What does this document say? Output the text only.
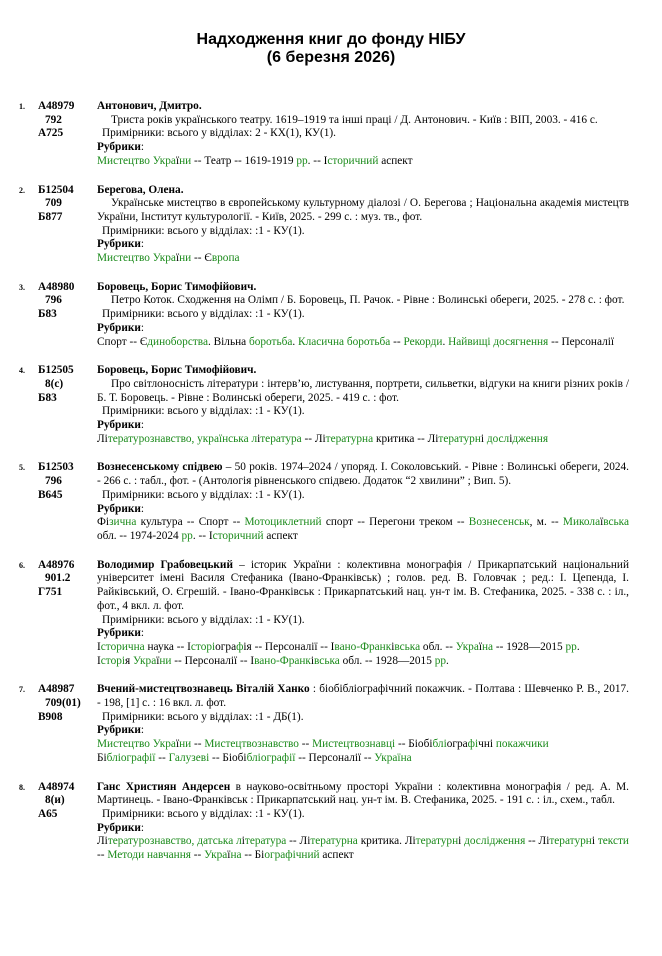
Надходження книг до фонду НІБУ
(6 березня 2026)
1. А48979
792
А725
Антонович, Дмитро.
Триста років українського театру. 1619–1919 та інші праці / Д. Антонович. - Київ : ВІП, 2003. - 416 с.
Примірники: всього у відділах: 2 - КХ(1), КУ(1).
Рубрики:
Мистецтво України -- Театр -- 1619-1919 рр. -- Історичний аспект
2. Б12504
709
Б877
Берегова, Олена.
Українське мистецтво в європейському культурному діалозі / О. Берегова ; Національна академія мистецтв України, Інститут культурології. - Київ, 2025. - 299 с. : муз. тв., фот.
Примірники: всього у відділах: :1 - КУ(1).
Рубрики:
Мистецтво України -- Європа
3. А48980
796
Б83
Боровець, Борис Тимофійович.
Петро Коток. Сходження на Олімп / Б. Боровець, П. Рачок. - Рівне : Волинські обереги, 2025. - 278 с. : фот.
Примірники: всього у відділах: :1 - КУ(1).
Рубрики:
Спорт -- Єдиноборства. Вільна боротьба. Класична боротьба -- Рекорди. Найвищі досягнення -- Персоналії
4. Б12505
8(с)
Б83
Боровець, Борис Тимофійович.
Про світлоносність літератури : інтерв’ю, листування, портрети, сильветки, відгуки на книги різних років / Б. Т. Боровець. - Рівне : Волинські обереги, 2025. - 419 с. : фот.
Примірники: всього у відділах: :1 - КУ(1).
Рубрики:
Літературознавство, українська література -- Літературна критика -- Літературні дослідження
5. Б12503
796
В645
Вознесенському спідвею – 50 років. 1974–2024 / упоряд. І. Соколовський. - Рівне : Волинські обереги, 2024. - 266 с. : табл., фот. - (Антологія рівненського спідвею. Додаток “2 хвилини” ; Вип. 5).
Примірники: всього у відділах: :1 - КУ(1).
Рубрики:
Фізична культура -- Спорт -- Мотоциклетний спорт -- Перегони треком -- Вознесенськ, м. -- Миколаївська обл. -- 1974-2024 рр. -- Історичний аспект
6. А48976
901.2
Г751
Володимир Грабовецький – історик України : колективна монографія / Прикарпатський національний університет імені Василя Стефаника (Івано-Франківськ) ; голов. ред. В. Головчак ; ред.: І. Цепенда, І. Райківський, О. Єгрешій. - Івано-Франківськ : Прикарпатський нац. ун-т ім. В. Стефаника, 2025. - 338 с. : іл., фот., 4 вкл. л. фот.
Примірники: всього у відділах: :1 - КУ(1).
Рубрики:
Історична наука -- Історіографія -- Персоналії -- Івано-Франківська обл. -- Україна -- 1928—2015 рр.
Історія України -- Персоналії -- Івано-Франківська обл. -- 1928—2015 рр.
7. А48987
709(01)
В908
Вчений-мистецтвознавець Віталій Ханко : біобібліографічний покажчик. - Полтава : Шевченко Р. В., 2017. - 198, [1] с. : 16 вкл. л. фот.
Примірники: всього у відділах: :1 - ДБ(1).
Рубрики:
Мистецтво України -- Мистецтвознавство -- Мистецтвознавці -- Біобібліографічні покажчики
Бібліографії -- Галузеві -- Біобібліографії -- Персоналії -- Україна
8. А48974
8(и)
А65
Ганс Християн Андерсен в науково-освітньому просторі України : колективна монографія / ред. А. М. Мартинець. - Івано-Франківськ : Прикарпатський нац. ун-т ім. В. Стефаника, 2025. - 191 с. : іл., схем., табл.
Примірники: всього у відділах: :1 - КУ(1).
Рубрики:
Літературознавство, датська література -- Літературна критика. Літературні дослідження -- Літературні тексти -- Методи навчання -- Україна -- Біографічний аспект
